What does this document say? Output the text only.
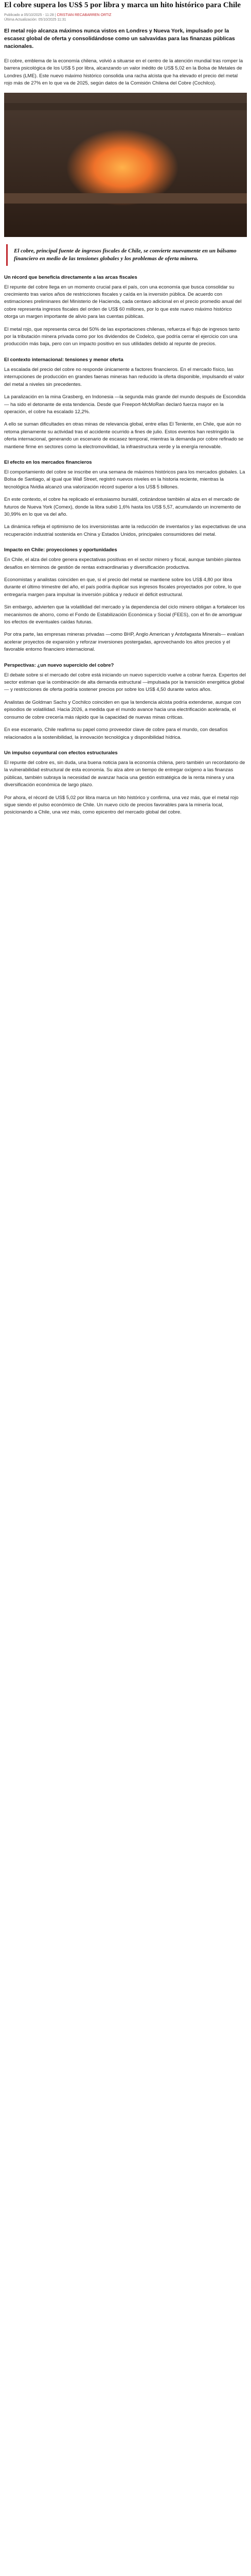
El cobre supera los US$ 5 por libra y marca un hito histórico para Chile
Publicado a 05/10/2025 - 11:28 | CRISTIAN RECABARREN ORTIZ
Última Actualización: 05/10/2025 11:31

El metal rojo alcanza máximos nunca vistos en Londres y Nueva York, impulsado por la escasez global de oferta y consolidándose como un salvavidas para las finanzas públicas nacionales.

El cobre, emblema de la economía chilena, volvió a situarse en el centro de la atención mundial tras romper la barrera psicológica de los US$ 5 por libra, alcanzando un valor inédito de US$ 5,02 en la Bolsa de Metales de Londres (LME). Este nuevo máximo histórico consolida una racha alcista que ha elevado el precio del metal rojo más de 27% en lo que va de 2025, según datos de la Comisión Chilena del Cobre (Cochilco).

El cobre, principal fuente de ingresos fiscales de Chile, se convierte nuevamente en un bálsamo financiero en medio de las tensiones globales y los problemas de oferta minera.
Un récord que beneficia directamente a las arcas fiscales

El repunte del cobre llega en un momento crucial para el país, con una economía que busca consolidar su crecimiento tras varios años de restricciones fiscales y caída en la inversión pública. De acuerdo con estimaciones preliminares del Ministerio de Hacienda, cada centavo adicional en el precio promedio anual del cobre representa ingresos fiscales del orden de US$ 60 millones, por lo que este nuevo máximo histórico otorga un margen importante de alivio para las cuentas públicas.

El metal rojo, que representa cerca del 50% de las exportaciones chilenas, refuerza el flujo de ingresos tanto por la tributación minera privada como por los dividendos de Codelco, que podría cerrar el ejercicio con una producción más baja, pero con un impacto positivo en sus utilidades debido al repunte de precios.

El contexto internacional: tensiones y menor oferta

La escalada del precio del cobre no responde únicamente a factores financieros. En el mercado físico, las interrupciones de producción en grandes faenas mineras han reducido la oferta disponible, impulsando el valor del metal a niveles sin precedentes.

La paralización en la mina Grasberg, en Indonesia —la segunda más grande del mundo después de Escondida— ha sido el detonante de esta tendencia. Desde que Freeport-McMoRan declaró fuerza mayor en la operación, el cobre ha escalado 12,2%.

A ello se suman dificultades en otras minas de relevancia global, entre ellas El Teniente, en Chile, que aún no retoma plenamente su actividad tras el accidente ocurrido a fines de julio. Estos eventos han restringido la oferta internacional, generando un escenario de escasez temporal, mientras la demanda por cobre refinado se mantiene firme en sectores como la electromovilidad, la infraestructura verde y la energía renovable.

El efecto en los mercados financieros

El comportamiento del cobre se inscribe en una semana de máximos históricos para los mercados globales. La Bolsa de Santiago, al igual que Wall Street, registró nuevos niveles en la historia reciente, mientras la tecnológica Nvidia alcanzó una valorización récord superior a los US$ 5 billones.

En este contexto, el cobre ha replicado el entusiasmo bursátil, cotizándose también al alza en el mercado de futuros de Nueva York (Comex), donde la libra subió 1,6% hasta los US$ 5,57, acumulando un incremento de 30,99% en lo que va del año.

La dinámica refleja el optimismo de los inversionistas ante la reducción de inventarios y las expectativas de una recuperación industrial sostenida en China y Estados Unidos, principales consumidores del metal.

Impacto en Chile: proyecciones y oportunidades

En Chile, el alza del cobre genera expectativas positivas en el sector minero y fiscal, aunque también plantea desafíos en términos de gestión de rentas extraordinarias y diversificación productiva.

Economistas y analistas coinciden en que, si el precio del metal se mantiene sobre los US$ 4,80 por libra durante el último trimestre del año, el país podría duplicar sus ingresos fiscales proyectados por cobre, lo que entregaría margen para impulsar la inversión pública y reducir el déficit estructural.

Sin embargo, advierten que la volatilidad del mercado y la dependencia del ciclo minero obligan a fortalecer los mecanismos de ahorro, como el Fondo de Estabilización Económica y Social (FEES), con el fin de amortiguar los efectos de eventuales caídas futuras.

Por otra parte, las empresas mineras privadas —como BHP, Anglo American y Antofagasta Minerals— evalúan acelerar proyectos de expansión y reforzar inversiones postergadas, aprovechando los altos precios y el favorable entorno financiero internacional.

Perspectivas: ¿un nuevo superciclo del cobre?

El debate sobre si el mercado del cobre está iniciando un nuevo superciclo vuelve a cobrar fuerza. Expertos del sector estiman que la combinación de alta demanda estructural —impulsada por la transición energética global— y restricciones de oferta podría sostener precios por sobre los US$ 4,50 durante varios años.

Analistas de Goldman Sachs y Cochilco coinciden en que la tendencia alcista podría extenderse, aunque con episodios de volatilidad. Hacia 2026, a medida que el mundo avance hacia una electrificación acelerada, el consumo de cobre crecería más rápido que la capacidad de nuevas minas críticas.

En ese escenario, Chile reafirma su papel como proveedor clave de cobre para el mundo, con desafíos relacionados a la sostenibilidad, la innovación tecnológica y disponibilidad hídrica.

Un impulso coyuntural con efectos estructurales

El repunte del cobre es, sin duda, una buena noticia para la economía chilena, pero también un recordatorio de la vulnerabilidad estructural de esta economía. Su alza abre un tiempo de entregar oxígeno a las finanzas públicas, también subraya la necesidad de avanzar hacia una gestión estratégica de la renta minera y una diversificación económica de largo plazo.

Por ahora, el récord de US$ 5,02 por libra marca un hito histórico y confirma, una vez más, que el metal rojo sigue siendo el pulso económico de Chile. Un nuevo ciclo de precios favorables para la minería local, posicionando a Chile, una vez más, como epicentro del mercado global del cobre.
